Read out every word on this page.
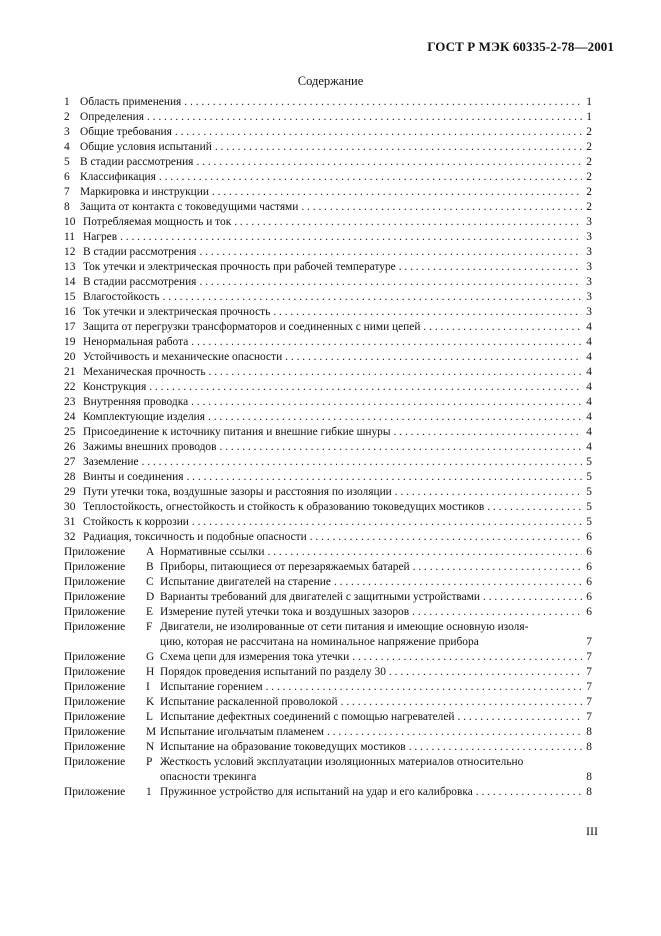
ГОСТ Р МЭК 60335-2-78—2001
Содержание
1 Область применения . . .	1
2 Определения . . .	1
3 Общие требования . . .	2
4 Общие условия испытаний . . .	2
5 В стадии рассмотрения . . .	2
6 Классификация . . .	2
7 Маркировка и инструкции . . .	2
8 Защита от контакта с токоведущими частями . . .	2
10 Потребляемая мощность и ток . . .	3
11 Нагрев . . .	3
12 В стадии рассмотрения . . .	3
13 Ток утечки и электрическая прочность при рабочей температуре . . .	3
14 В стадии рассмотрения . . .	3
15 Влагостойкость . . .	3
16 Ток утечки и электрическая прочность . . .	3
17 Защита от перегрузки трансформаторов и соединенных с ними цепей . . .	4
19 Ненормальная работа . . .	4
20 Устойчивость и механические опасности . . .	4
21 Механическая прочность . . .	4
22 Конструкция . . .	4
23 Внутренняя проводка . . .	4
24 Комплектующие изделия . . .	4
25 Присоединение к источнику питания и внешние гибкие шнуры . . .	4
26 Зажимы внешних проводов . . .	4
27 Заземление . . .	5
28 Винты и соединения . . .	5
29 Пути утечки тока, воздушные зазоры и расстояния по изоляции . . .	5
30 Теплостойкость, огнестойкость и стойкость к образованию токоведущих мостиков . . .	5
31 Стойкость к коррозии . . .	5
32 Радиация, токсичность и подобные опасности . . .	6
Приложение	A Нормативные ссылки . . .	6
Приложение	B Приборы, питающиеся от перезаряжаемых батарей . . .	6
Приложение	C Испытание двигателей на старение . . .	6
Приложение	D Варианты требований для двигателей с защитными устройствами . . .	6
Приложение	E Измерение путей утечки тока и воздушных зазоров . . .	6
Приложение	F Двигатели, не изолированные от сети питания и имеющие основную изоля-
цию, которая не рассчитана на номинальное напряжение прибора	7
Приложение	G Схема цепи для измерения тока утечки . . .	7
Приложение	H Порядок проведения испытаний по разделу 30 . . .	7
Приложение	I Испытание горением . . .	7
Приложение	K Испытание раскаленной проволокой . . .	7
Приложение	L Испытание дефектных соединений с помощью нагревателей . . .	7
Приложение	M Испытание игольчатым пламенем . . .	8
Приложение	N Испытание на образование токоведущих мостиков . . .	8
Приложение	P Жесткость условий эксплуатации изоляционных материалов относительно
опасности трекинга	8
Приложение	1 Пружинное устройство для испытаний на удар и его калибровка . . .	8
III
